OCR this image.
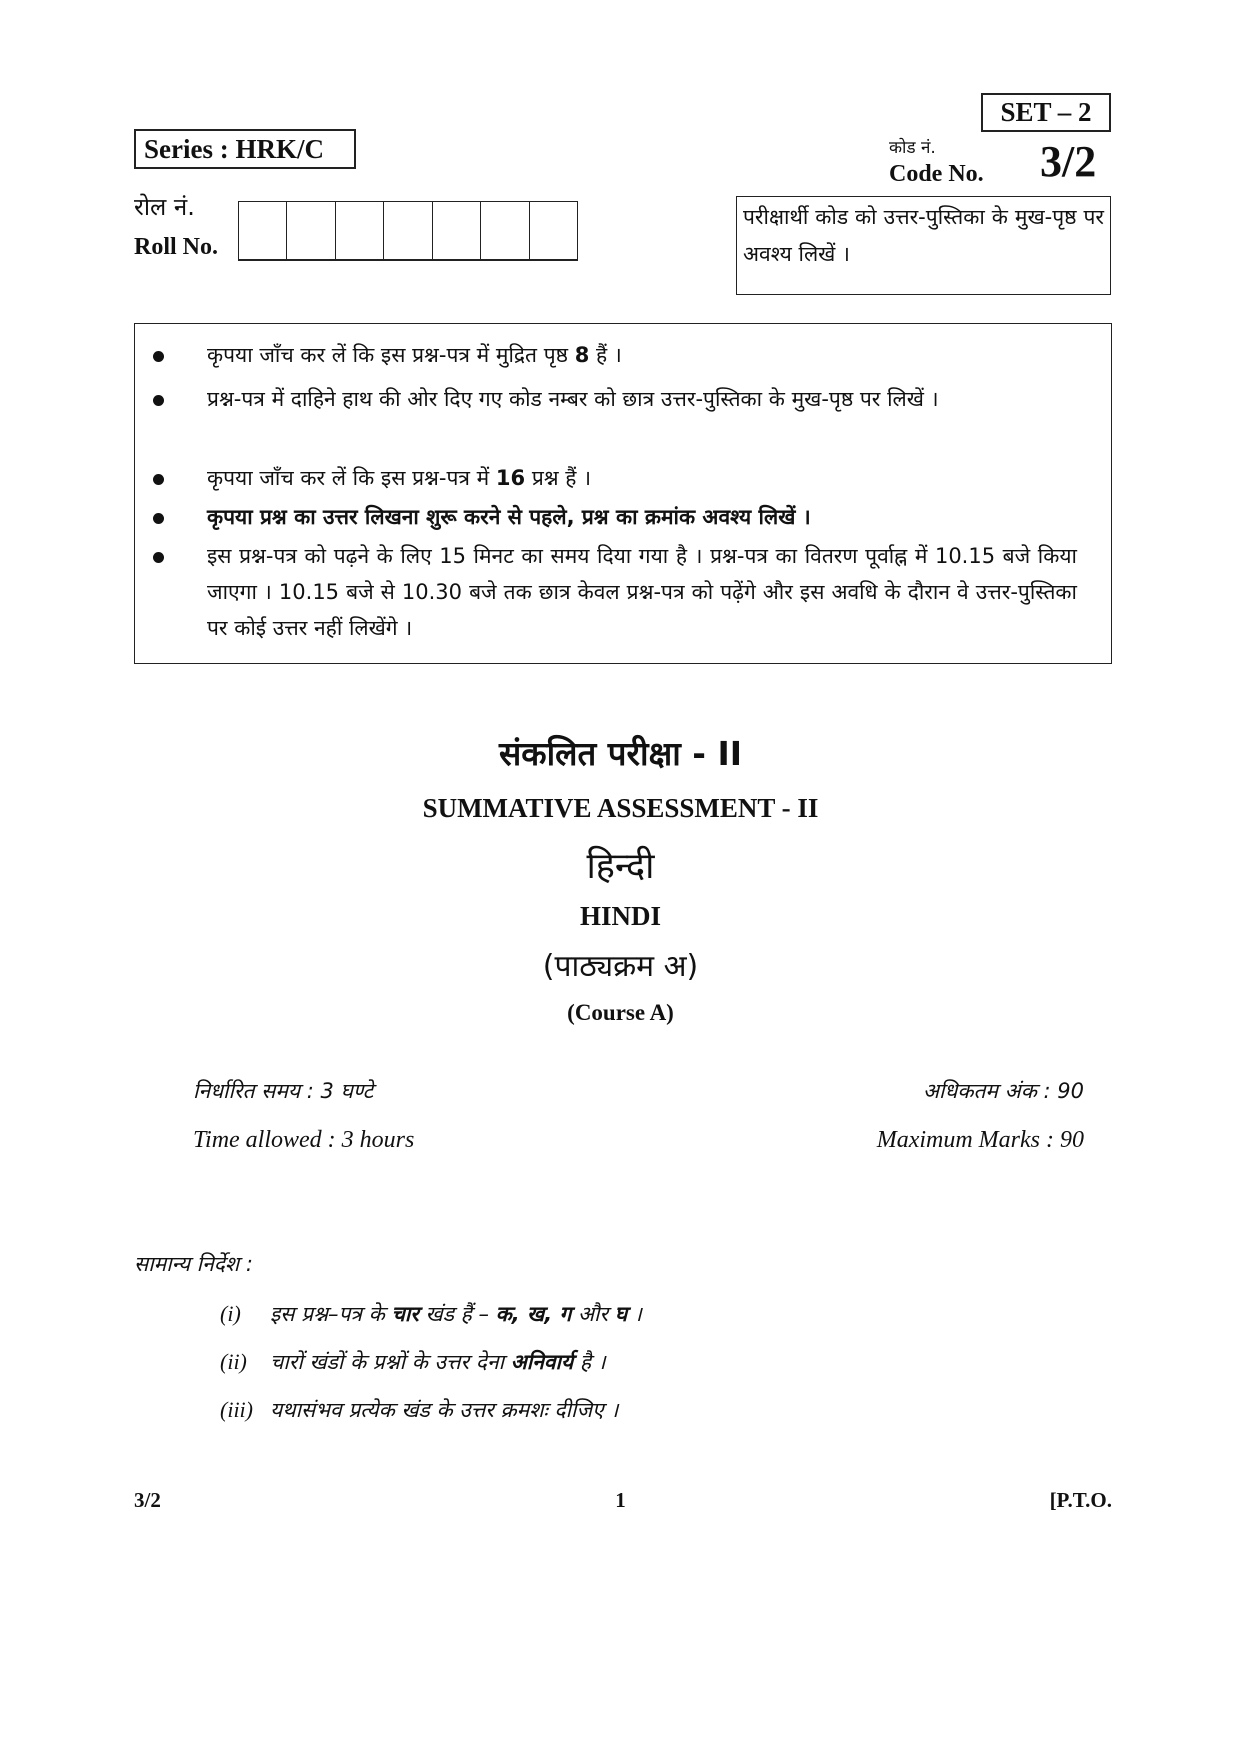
Series : HRK/C
रोल नं.
Roll No.
SET – 2
कोड नं.
Code No. 3/2
परीक्षार्थी कोड को उत्तर-पुस्तिका के मुख-पृष्ठ पर अवश्य लिखें ।
कृपया जाँच कर लें कि इस प्रश्न-पत्र में मुद्रित पृष्ठ 8 हैं ।
प्रश्न-पत्र में दाहिने हाथ की ओर दिए गए कोड नम्बर को छात्र उत्तर-पुस्तिका के मुख-पृष्ठ पर लिखें ।
कृपया जाँच कर लें कि इस प्रश्न-पत्र में 16 प्रश्न हैं ।
कृपया प्रश्न का उत्तर लिखना शुरू करने से पहले, प्रश्न का क्रमांक अवश्य लिखें ।
इस प्रश्न-पत्र को पढ़ने के लिए 15 मिनट का समय दिया गया है । प्रश्न-पत्र का वितरण पूर्वाह्न में 10.15 बजे किया जाएगा । 10.15 बजे से 10.30 बजे तक छात्र केवल प्रश्न-पत्र को पढ़ेंगे और इस अवधि के दौरान वे उत्तर-पुस्तिका पर कोई उत्तर नहीं लिखेंगे ।
संकलित परीक्षा - II
SUMMATIVE ASSESSMENT - II
हिन्दी
HINDI
(पाठ्यक्रम अ)
(Course A)
निर्धारित समय : 3 घण्टे
Time allowed : 3 hours
अधिकतम अंक : 90
Maximum Marks : 90
सामान्य निर्देश :
(i) इस प्रश्न–पत्र के चार खंड हैं – क, ख, ग और घ ।
(ii) चारों खंडों के प्रश्नों के उत्तर देना अनिवार्य है ।
(iii) यथासंभव प्रत्येक खंड के उत्तर क्रमशः दीजिए ।
3/2	1	[P.T.O.
